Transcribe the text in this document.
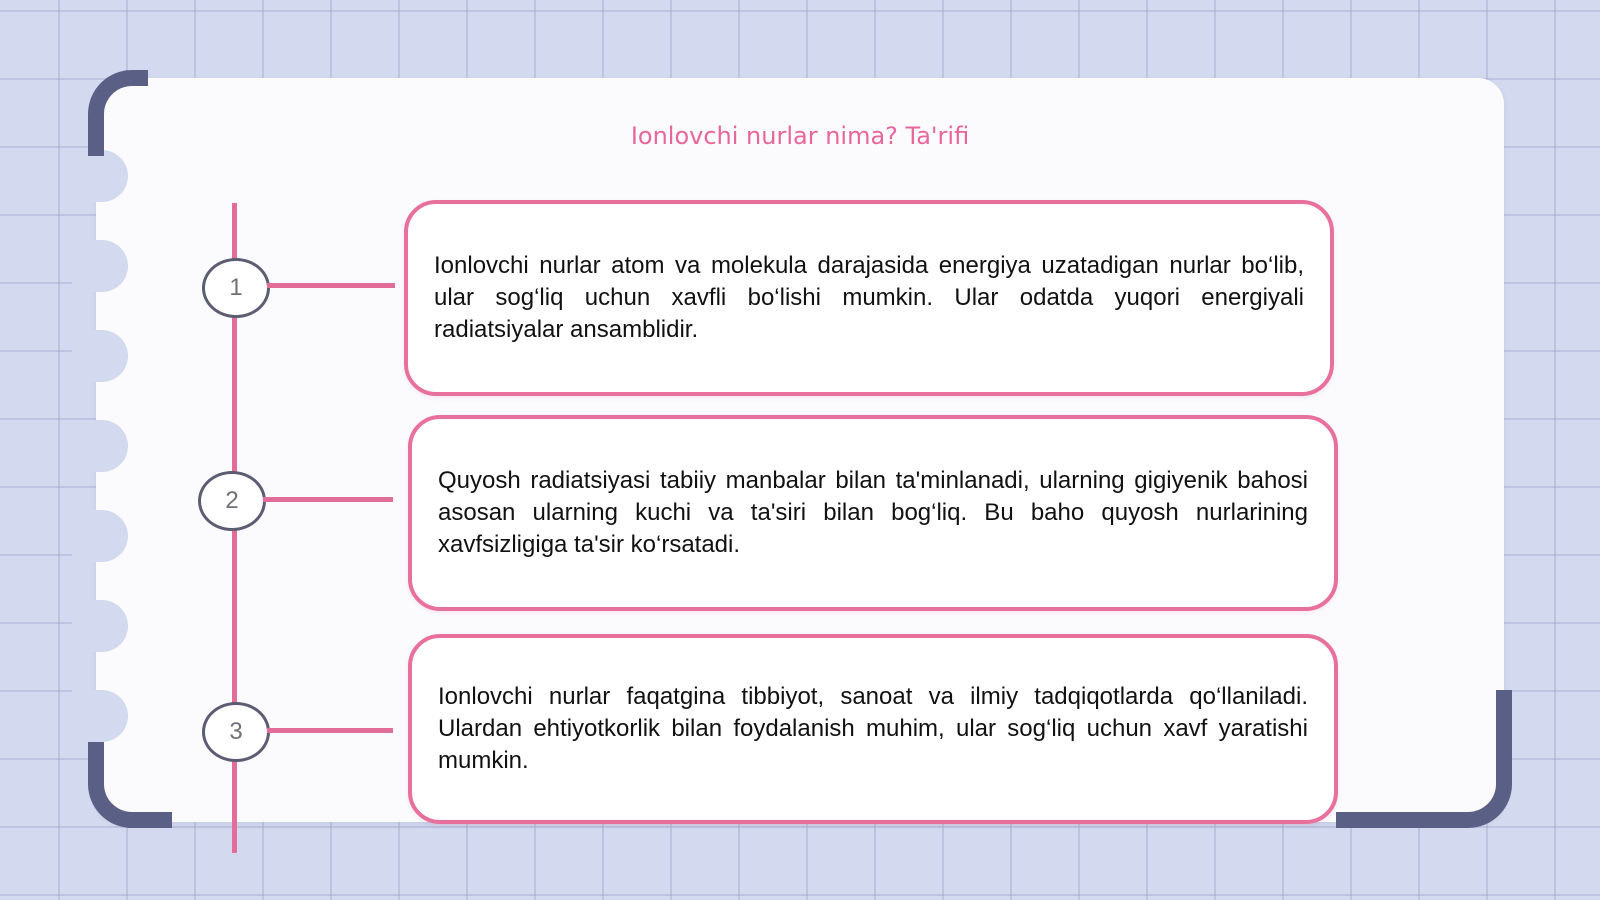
Ionlovchi nurlar nima? Ta'rifi
1

Ionlovchi nurlar atom va molekula darajasida energiya uzatadigan nurlar bo‘lib, ular sog‘liq uchun xavfli bo‘lishi mumkin. Ular odatda yuqori energiyali radiatsiyalar ansamblidir.

2

Quyosh radiatsiyasi tabiiy manbalar bilan ta'minlanadi, ularning gigiyenik bahosi asosan ularning kuchi va ta'siri bilan bog‘liq. Bu baho quyosh nurlarining xavfsizligiga ta'sir ko‘rsatadi.

3

Ionlovchi nurlar faqatgina tibbiyot, sanoat va ilmiy tadqiqotlarda qo‘llaniladi. Ulardan ehtiyotkorlik bilan foydalanish muhim, ular sog‘liq uchun xavf yaratishi mumkin.
